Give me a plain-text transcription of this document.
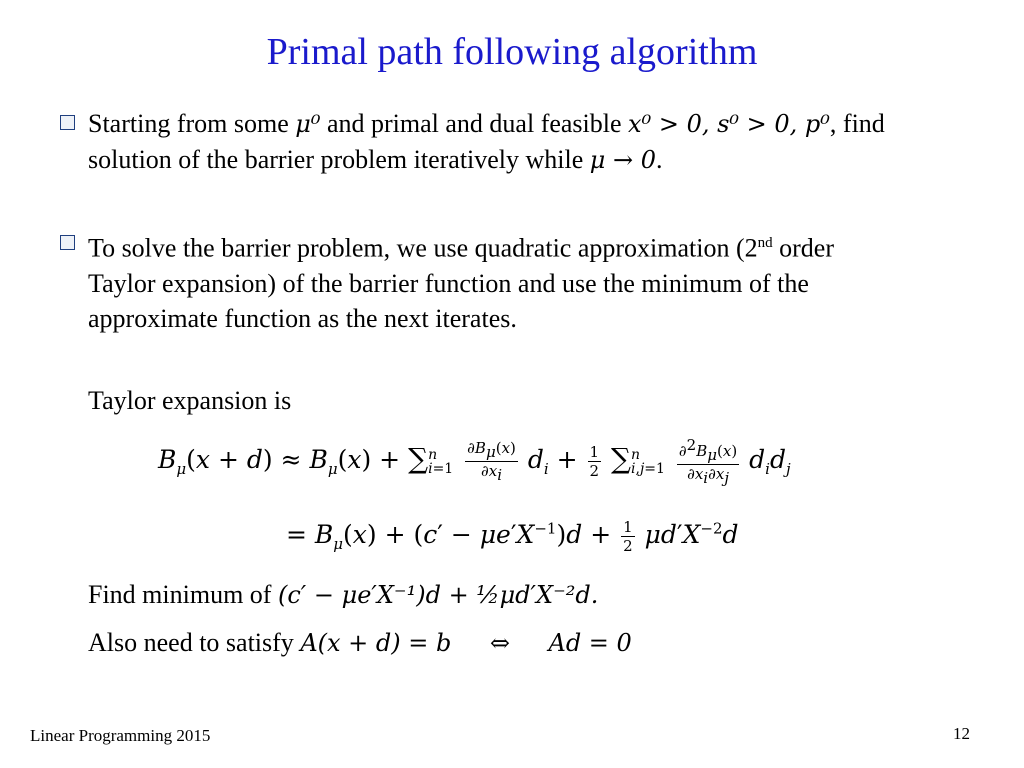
Primal path following algorithm
Starting from some μ⁰ and primal and dual feasible x⁰ > 0, s⁰ > 0, p⁰, find
solution of the barrier problem iteratively while μ → 0.
To solve the barrier problem, we use quadratic approximation (2nd order
Taylor expansion) of the barrier function and use the minimum of the
approximate function as the next iterates.
Taylor expansion is
$B_\mu(x + d) \approx B_\mu(x)$ + ∑ n
i=1
$\frac{\partial B_\mu(x)}{\partial x_i} d_i + \frac{1}{2}$ ∑ n
i,j=1
$\frac{\partial^2B_\mu(x)}{\partial x_i\partial x_j} d_id_j$
= $B_\mu(x) + (c' - \mu e'X^{-1})d + \frac{1}{2} \mu d'X^{-2}d$
Find minimum of (c′ − μe′X⁻¹)d + ½μd′X⁻²d.
Also need to satisfy A(x + d) = b ⇔ Ad = 0
Linear Programming 2015	12
